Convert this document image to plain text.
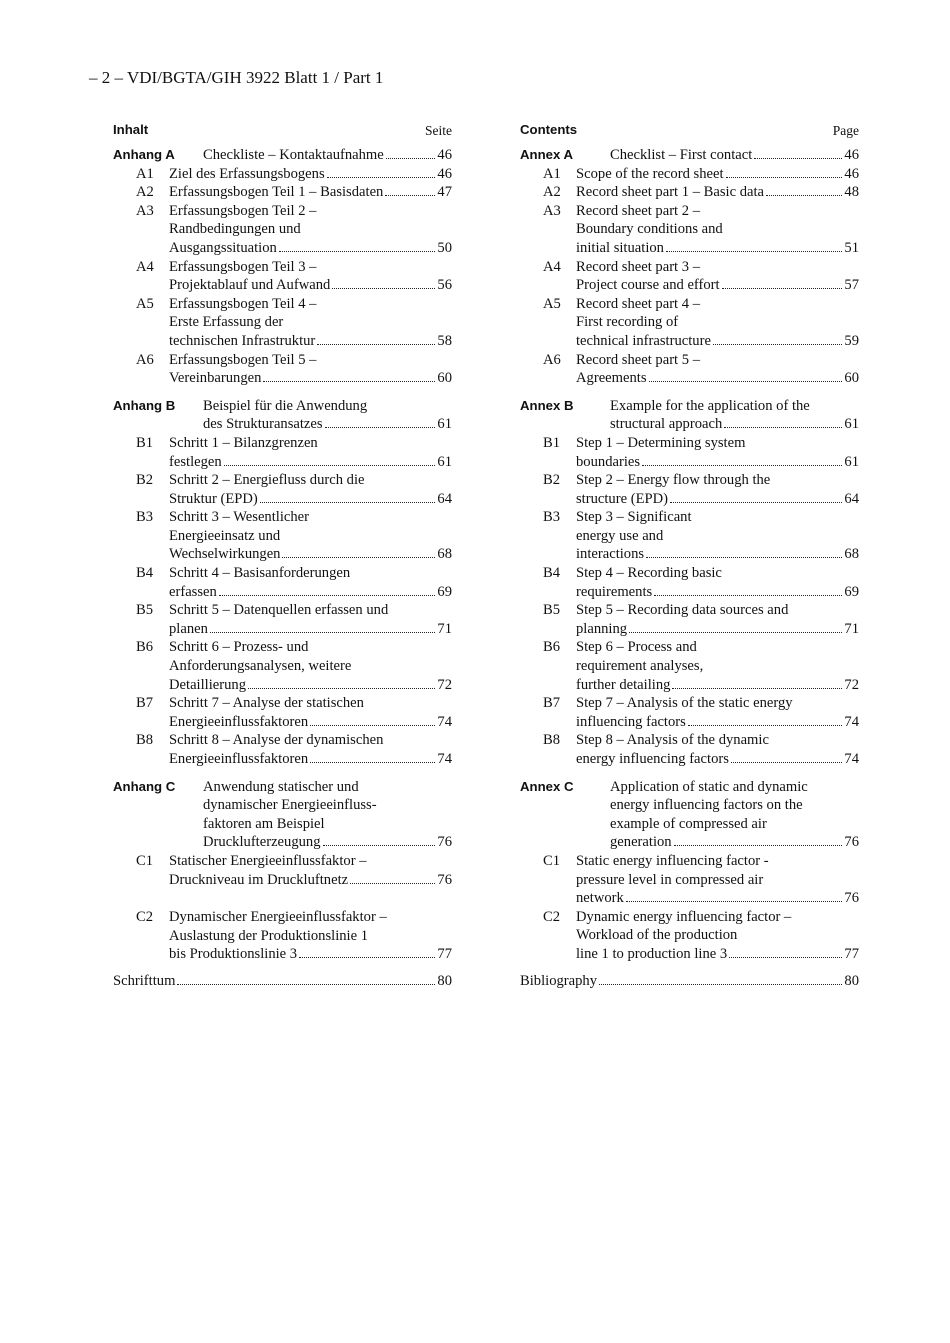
– 2 – VDI/BGTA/GIH 3922 Blatt 1 / Part 1
Inhalt	Seite
Anhang A Checkliste – Kontaktaufnahme	46
A1 Ziel des Erfassungsbogens	46
A2 Erfassungsbogen Teil 1 – Basisdaten	47
A3 Erfassungsbogen Teil 2 –
Randbedingungen und
Ausgangssituation	50
A4 Erfassungsbogen Teil 3 –
Projektablauf und Aufwand	56
A5 Erfassungsbogen Teil 4 –
Erste Erfassung der
technischen Infrastruktur	58
A6 Erfassungsbogen Teil 5 –
Vereinbarungen	60
Anhang B Beispiel für die Anwendung
des Strukturansatzes	61
B1 Schritt 1 – Bilanzgrenzen
festlegen	61
B2 Schritt 2 – Energiefluss durch die
Struktur (EPD)	64
B3 Schritt 3 – Wesentlicher
Energieeinsatz und
Wechselwirkungen	68
B4 Schritt 4 – Basisanforderungen
erfassen	69
B5 Schritt 5 – Datenquellen erfassen und
planen	71
B6 Schritt 6 – Prozess- und
Anforderungsanalysen, weitere
Detaillierung	72
B7 Schritt 7 – Analyse der statischen
Energieeinflussfaktoren	74
B8 Schritt 8 – Analyse der dynamischen
Energieeinflussfaktoren	74
Anhang C Anwendung statischer und
dynamischer Energieeinfluss-
faktoren am Beispiel
Drucklufterzeugung	76
C1 Statischer Energieeinflussfaktor –
Druckniveau im Druckluftnetz	76
C2 Dynamischer Energieeinflussfaktor –
Auslastung der Produktionslinie 1
bis Produktionslinie 3	77
Schrifttum	80
Contents	Page
Annex A	Checklist – First contact	46
A1 Scope of the record sheet	46
A2 Record sheet part 1 – Basic data	48
A3 Record sheet part 2 –
Boundary conditions and
initial situation	51
A4 Record sheet part 3 –
Project course and effort	57
A5 Record sheet part 4 –
First recording of
technical infrastructure	59
A6 Record sheet part 5 –
Agreements	60
Annex B	Example for the application of the
structural approach	61
B1 Step 1 – Determining system
boundaries	61
B2 Step 2 – Energy flow through the
structure (EPD)	64
B3 Step 3 – Significant
energy use and
interactions	68
B4 Step 4 – Recording basic
requirements	69
B5 Step 5 – Recording data sources and
planning	71
B6 Step 6 – Process and
requirement analyses,
further detailing	72
B7 Step 7 – Analysis of the static energy
influencing factors	74
B8 Step 8 – Analysis of the dynamic
energy influencing factors	74
Annex C	Application of static and dynamic
energy influencing factors on the
example of compressed air
generation	76
C1 Static energy influencing factor -
pressure level in compressed air
network	76
C2 Dynamic energy influencing factor –
Workload of the production
line 1 to production line 3	77
Bibliography	80
